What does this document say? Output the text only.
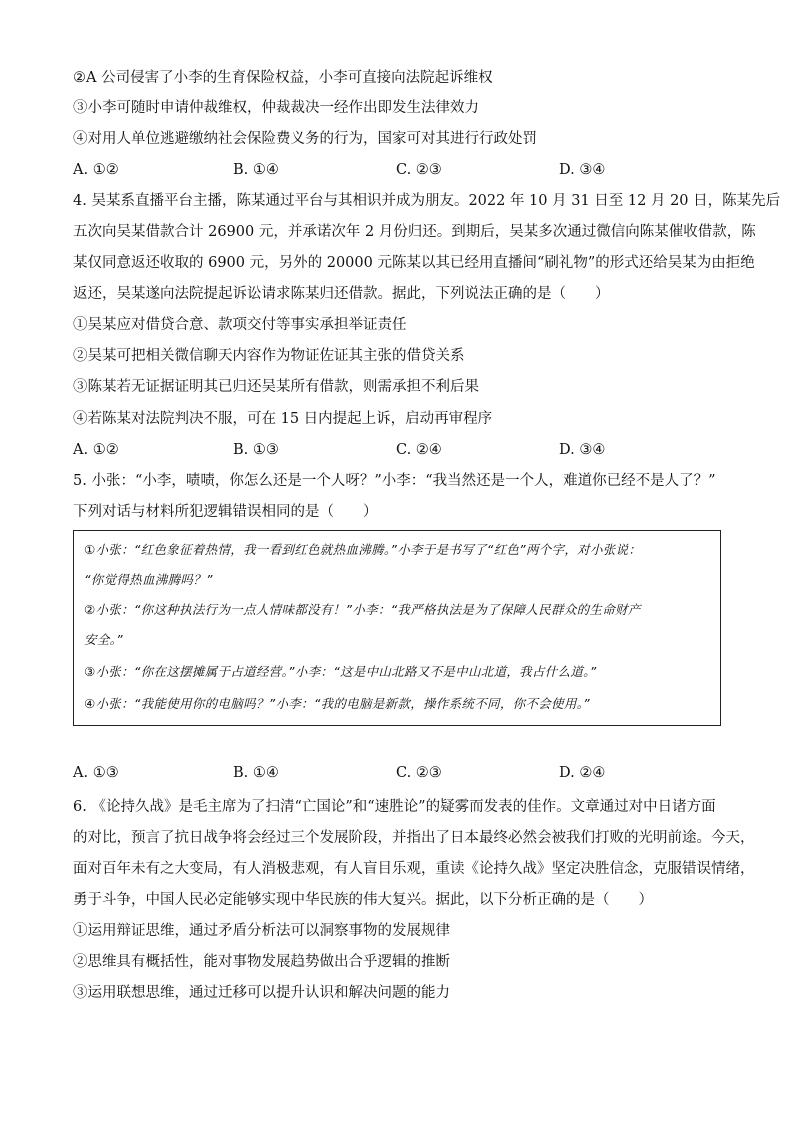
②A 公司侵害了小李的生育保险权益，小李可直接向法院起诉维权
③小李可随时申请仲裁维权，仲裁裁决一经作出即发生法律效力
④对用人单位逃避缴纳社会保险费义务的行为，国家可对其进行行政处罚
A. ①②	B. ①④	C. ②③	D. ③④
4. 吴某系直播平台主播，陈某通过平台与其相识并成为朋友。2022 年 10 月 31 日至 12 月 20 日，陈某先后
五次向吴某借款合计 26900 元，并承诺次年 2 月份归还。到期后，吴某多次通过微信向陈某催收借款，陈
某仅同意返还收取的 6900 元，另外的 20000 元陈某以其已经用直播间“刷礼物”的形式还给吴某为由拒绝
返还，吴某遂向法院提起诉讼请求陈某归还借款。据此，下列说法正确的是（　　）
①吴某应对借贷合意、款项交付等事实承担举证责任
②吴某可把相关微信聊天内容作为物证佐证其主张的借贷关系
③陈某若无证据证明其已归还吴某所有借款，则需承担不利后果
④若陈某对法院判决不服，可在 15 日内提起上诉，启动再审程序
A. ①②	B. ①③	C. ②④	D. ③④
5. 小张：“小李，啧啧，你怎么还是一个人呀？”小李：“我当然还是一个人，难道你已经不是人了？”
下列对话与材料所犯逻辑错误相同的是（　　）
①小张：“红色象征着热情，我一看到红色就热血沸腾。”小李于是书写了“红色”两个字，对小张说：
“你觉得热血沸腾吗？”
②小张：“你这种执法行为一点人情味都没有！”小李：“我严格执法是为了保障人民群众的生命财产
安全。”
③小张：“你在这摆摊属于占道经营。”小李：“这是中山北路又不是中山北道，我占什么道。”
④小张：“我能使用你的电脑吗？”小李：“我的电脑是新款，操作系统不同，你不会使用。”
A. ①③	B. ①④	C. ②③	D. ②④
6. 《论持久战》是毛主席为了扫清“亡国论”和“速胜论”的疑雾而发表的佳作。文章通过对中日诸方面
的对比，预言了抗日战争将会经过三个发展阶段，并指出了日本最终必然会被我们打败的光明前途。今天，
面对百年未有之大变局，有人消极悲观，有人盲目乐观，重读《论持久战》坚定决胜信念，克服错误情绪，
勇于斗争，中国人民必定能够实现中华民族的伟大复兴。据此，以下分析正确的是（　　）
①运用辩证思维，通过矛盾分析法可以洞察事物的发展规律
②思维具有概括性，能对事物发展趋势做出合乎逻辑的推断
③运用联想思维，通过迁移可以提升认识和解决问题的能力
